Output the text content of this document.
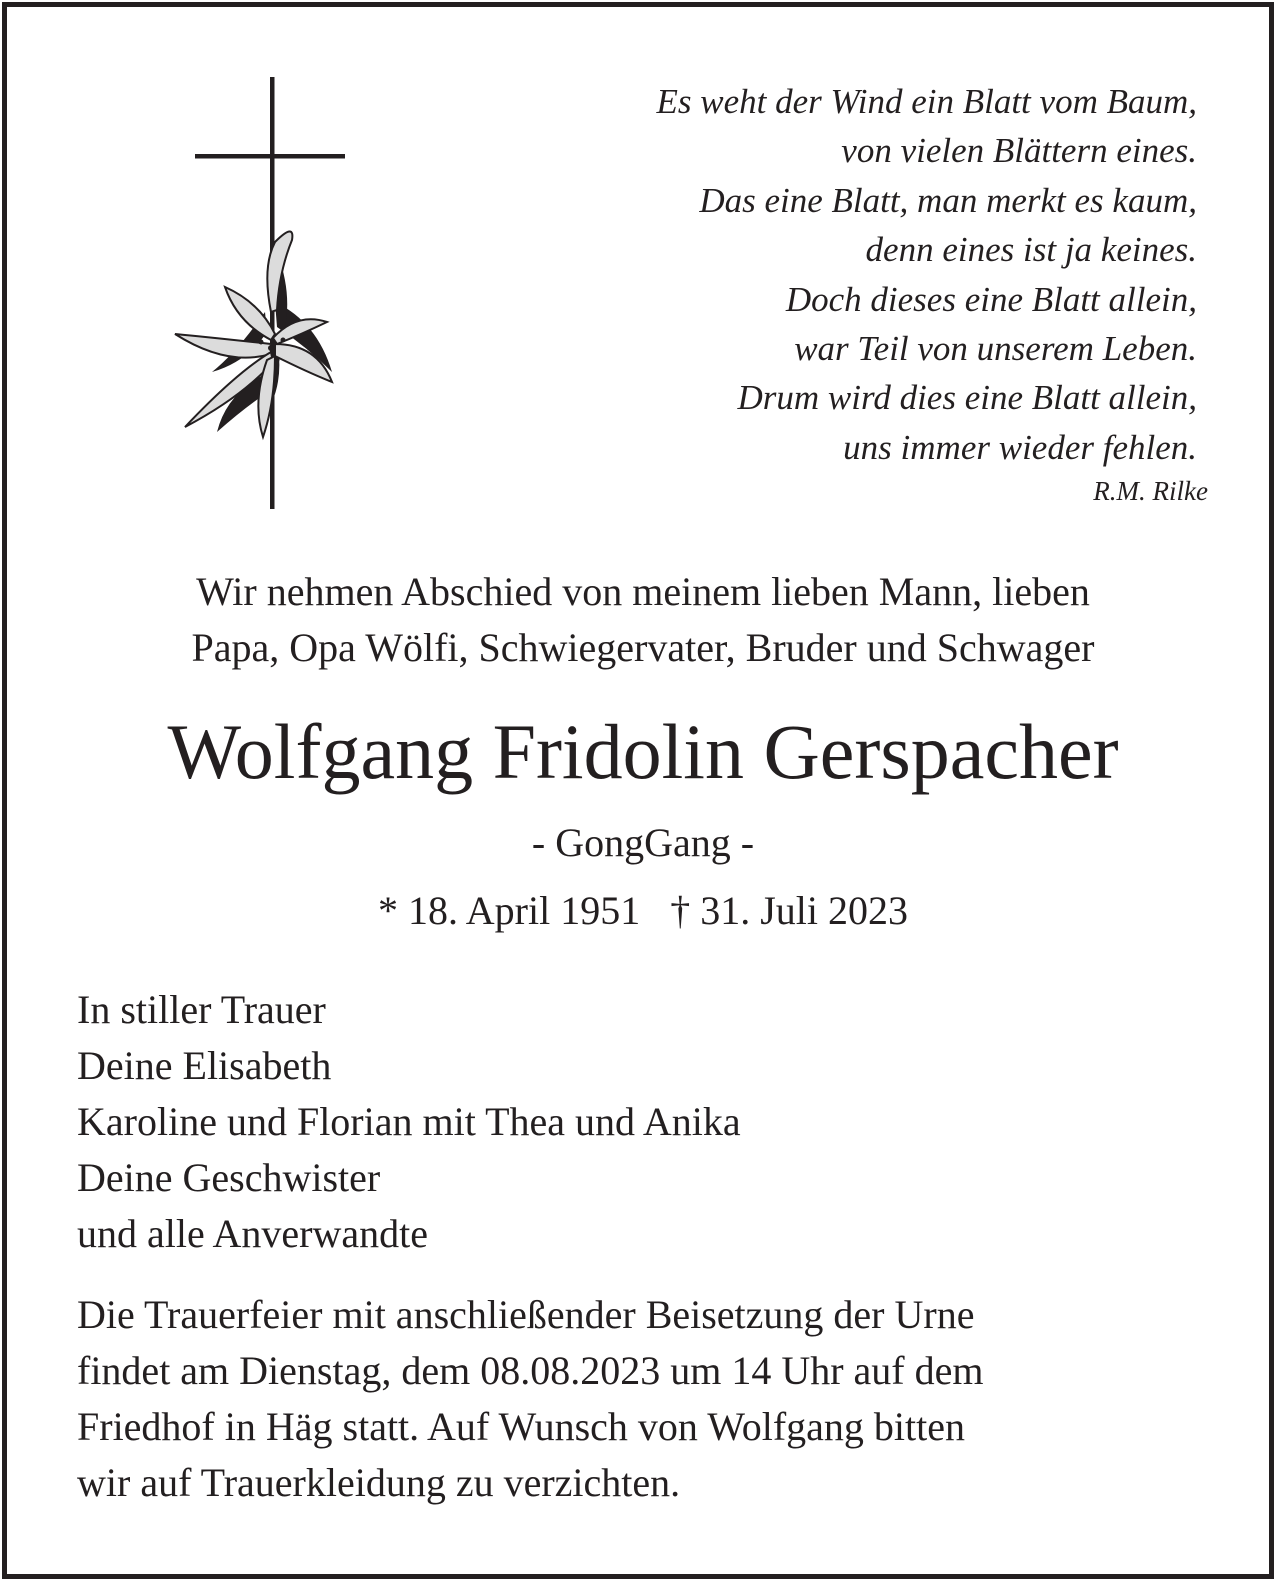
Es weht der Wind ein Blatt vom Baum,
von vielen Blättern eines.
Das eine Blatt, man merkt es kaum,
denn eines ist ja keines.
Doch dieses eine Blatt allein,
war Teil von unserem Leben.
Drum wird dies eine Blatt allein,
uns immer wieder fehlen.
R.M. Rilke
Wir nehmen Abschied von meinem lieben Mann, lieben
Papa, Opa Wölfi, Schwiegervater, Bruder und Schwager
Wolfgang Fridolin Gerspacher
- GongGang -
* 18. April 1951   † 31. Juli 2023
In stiller Trauer
Deine Elisabeth
Karoline und Florian mit Thea und Anika
Deine Geschwister
und alle Anverwandte
Die Trauerfeier mit anschließender Beisetzung der Urne
findet am Dienstag, dem 08.08.2023 um 14 Uhr auf dem
Friedhof in Häg statt. Auf Wunsch von Wolfgang bitten
wir auf Trauerkleidung zu verzichten.
